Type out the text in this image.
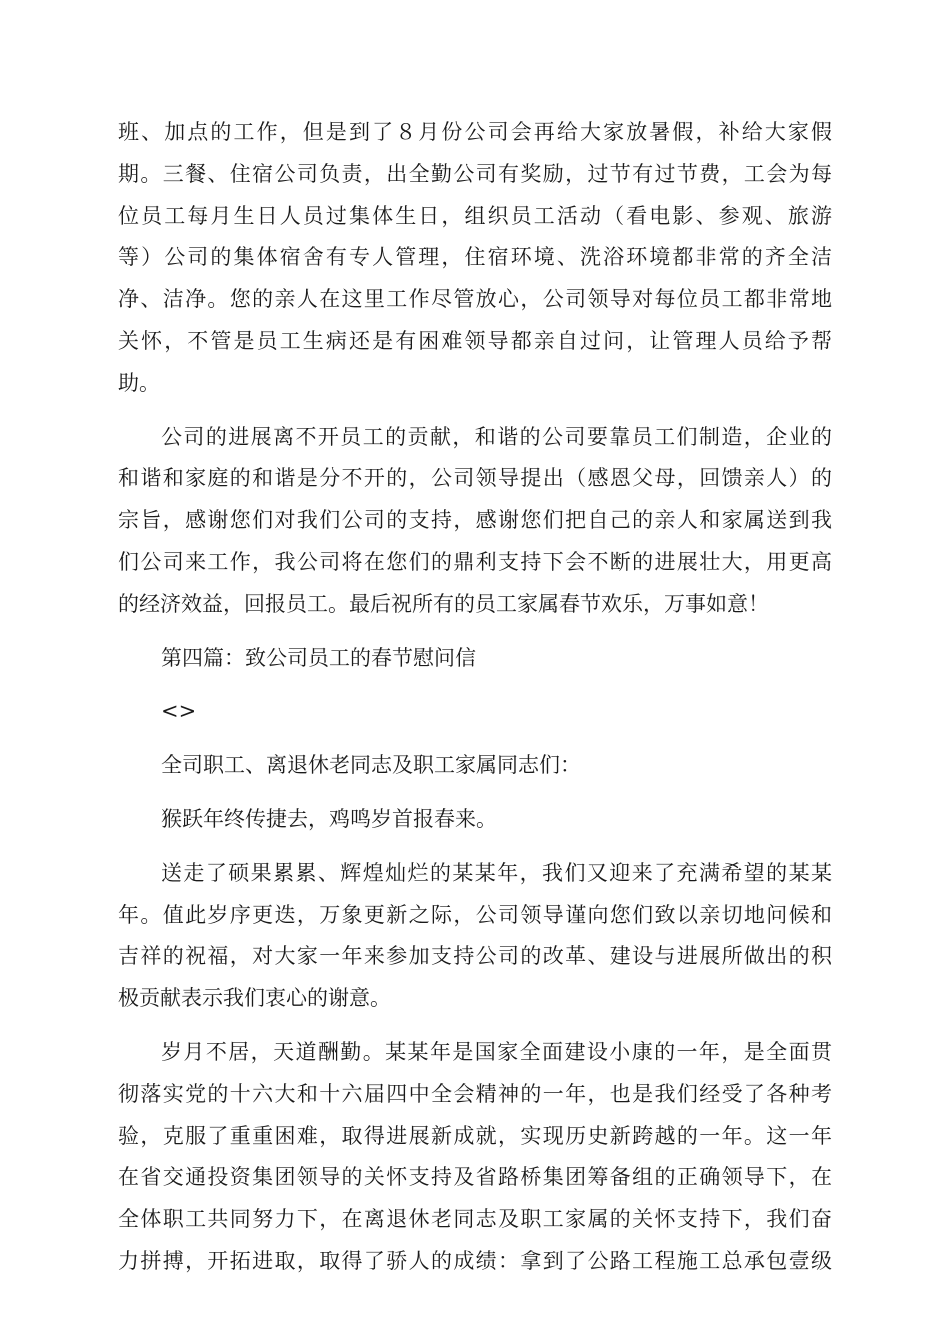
班、加点的工作，但是到了８月份公司会再给大家放暑假，补给大家假
期。三餐、住宿公司负责，出全勤公司有奖励，过节有过节费，工会为每
位员工每月生日人员过集体生日，组织员工活动（看电影、参观、旅游
等）公司的集体宿舍有专人管理，住宿环境、洗浴环境都非常的齐全洁
净、洁净。您的亲人在这里工作尽管放心，公司领导对每位员工都非常地
关怀，不管是员工生病还是有困难领导都亲自过问，让管理人员给予帮
助。
公司的进展离不开员工的贡献，和谐的公司要靠员工们制造，企业的
和谐和家庭的和谐是分不开的，公司领导提出（感恩父母，回馈亲人）的
宗旨，感谢您们对我们公司的支持，感谢您们把自己的亲人和家属送到我
们公司来工作，我公司将在您们的鼎利支持下会不断的进展壮大，用更高
的经济效益，回报员工。最后祝所有的员工家属春节欢乐，万事如意！
第四篇：致公司员工的春节慰问信
<>
全司职工、离退休老同志及职工家属同志们：
猴跃年终传捷去，鸡鸣岁首报春来。
送走了硕果累累、辉煌灿烂的某某年，我们又迎来了充满希望的某某
年。值此岁序更迭，万象更新之际，公司领导谨向您们致以亲切地问候和
吉祥的祝福，对大家一年来参加支持公司的改革、建设与进展所做出的积
极贡献表示我们衷心的谢意。
岁月不居，天道酬勤。某某年是国家全面建设小康的一年，是全面贯
彻落实党的十六大和十六届四中全会精神的一年，也是我们经受了各种考
验，克服了重重困难，取得进展新成就，实现历史新跨越的一年。这一年
在省交通投资集团领导的关怀支持及省路桥集团筹备组的正确领导下，在
全体职工共同努力下，在离退休老同志及职工家属的关怀支持下，我们奋
力拼搏，开拓进取，取得了骄人的成绩：拿到了公路工程施工总承包壹级
